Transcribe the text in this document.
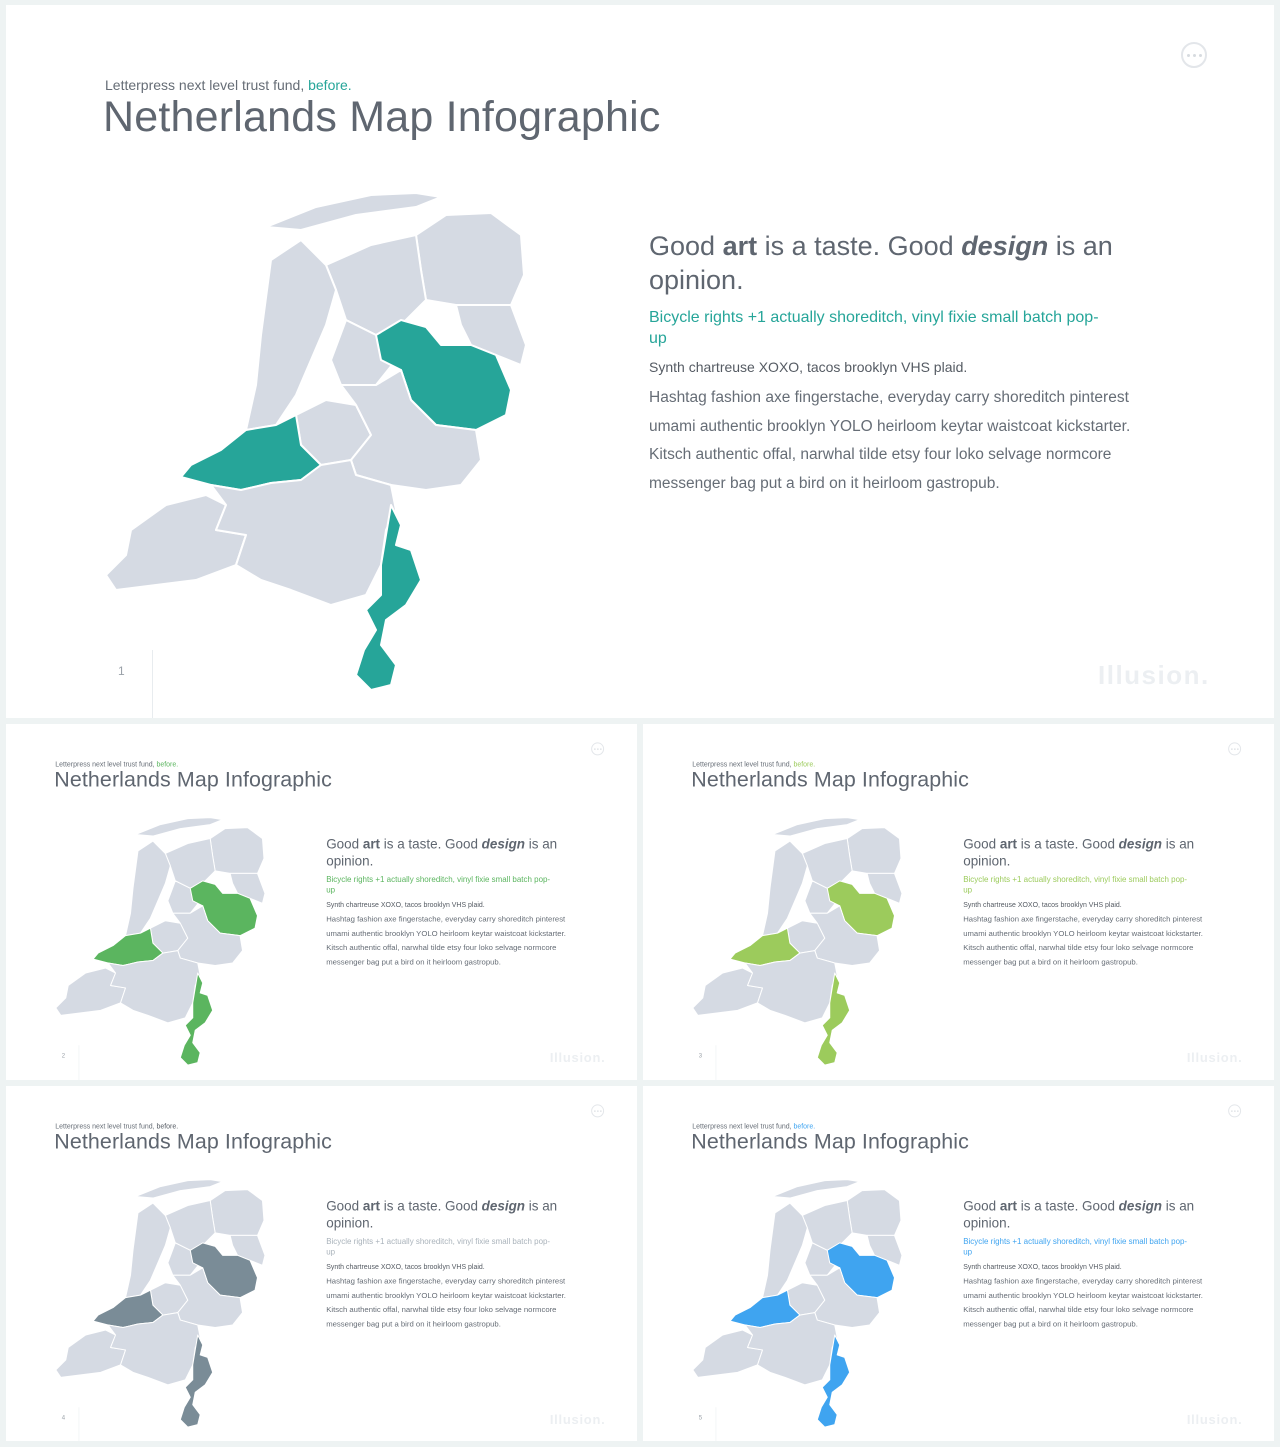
Letterpress next level trust fund, before.
Netherlands Map Infographic
Good art is a taste. Good design is an opinion.
Bicycle rights +1 actually shoreditch, vinyl fixie small batch pop-up
Synth chartreuse XOXO, tacos brooklyn VHS plaid.
Hashtag fashion axe fingerstache, everyday carry shoreditch pinterest umami authentic brooklyn YOLO heirloom keytar waistcoat kickstarter. Kitsch authentic offal, narwhal tilde etsy four loko selvage normcore messenger bag put a bird on it heirloom gastropub.
1	Illusion.
Letterpress next level trust fund, before.
Netherlands Map Infographic
Good art is a taste. Good design is an opinion.
Bicycle rights +1 actually shoreditch, vinyl fixie small batch pop-up
Synth chartreuse XOXO, tacos brooklyn VHS plaid.
Hashtag fashion axe fingerstache, everyday carry shoreditch pinterest umami authentic brooklyn YOLO heirloom keytar waistcoat kickstarter. Kitsch authentic offal, narwhal tilde etsy four loko selvage normcore messenger bag put a bird on it heirloom gastropub.
2	Illusion.
Letterpress next level trust fund, before.
Netherlands Map Infographic
Good art is a taste. Good design is an opinion.
Bicycle rights +1 actually shoreditch, vinyl fixie small batch pop-up
Synth chartreuse XOXO, tacos brooklyn VHS plaid.
Hashtag fashion axe fingerstache, everyday carry shoreditch pinterest umami authentic brooklyn YOLO heirloom keytar waistcoat kickstarter. Kitsch authentic offal, narwhal tilde etsy four loko selvage normcore messenger bag put a bird on it heirloom gastropub.
3	Illusion.
Letterpress next level trust fund, before.
Netherlands Map Infographic
Good art is a taste. Good design is an opinion.
Bicycle rights +1 actually shoreditch, vinyl fixie small batch pop-up
Synth chartreuse XOXO, tacos brooklyn VHS plaid.
Hashtag fashion axe fingerstache, everyday carry shoreditch pinterest umami authentic brooklyn YOLO heirloom keytar waistcoat kickstarter. Kitsch authentic offal, narwhal tilde etsy four loko selvage normcore messenger bag put a bird on it heirloom gastropub.
4	Illusion.
Letterpress next level trust fund, before.
Netherlands Map Infographic
Good art is a taste. Good design is an opinion.
Bicycle rights +1 actually shoreditch, vinyl fixie small batch pop-up
Synth chartreuse XOXO, tacos brooklyn VHS plaid.
Hashtag fashion axe fingerstache, everyday carry shoreditch pinterest umami authentic brooklyn YOLO heirloom keytar waistcoat kickstarter. Kitsch authentic offal, narwhal tilde etsy four loko selvage normcore messenger bag put a bird on it heirloom gastropub.
5	Illusion.
